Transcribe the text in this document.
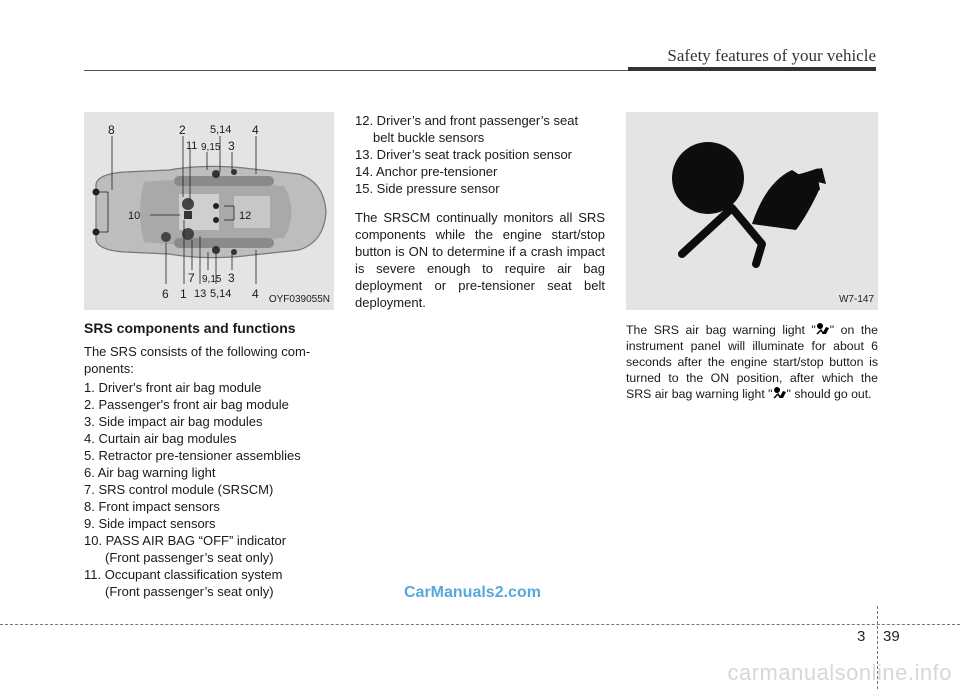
Safety features of your vehicle
8	2 5,14 4
11 9,15 3
10	12
7 9,15 3
6 1 13 5,14 4 OYF039055N
SRS components and functions
The SRS consists of the following com-
ponents:
1. Driver's front air bag module
2. Passenger's front air bag module
3. Side impact air bag modules
4. Curtain air bag modules
5. Retractor pre-tensioner assemblies
6. Air bag warning light
7. SRS control module (SRSCM)
8. Front impact sensors
9. Side impact sensors
10. PASS AIR BAG “OFF” indicator
(Front passenger’s seat only)
11. Occupant classification system
(Front passenger’s seat only)
12. Driver’s and front passenger’s seat
belt buckle sensors
13. Driver’s seat track position sensor
14. Anchor pre-tensioner
15. Side pressure sensor

The SRSCM continually monitors all SRS components while the engine start/stop button is ON to determine if a crash impact is severe enough to require air bag deployment or pre-tensioner seat belt deployment.	W7-147

The SRS air bag warning light " " on the instrument panel will illuminate for about 6 seconds after the engine start/stop button is turned to the ON position, after which the SRS air bag warning light " " should go out.

CarManuals2.com
3 39
carmanualsonline.info
